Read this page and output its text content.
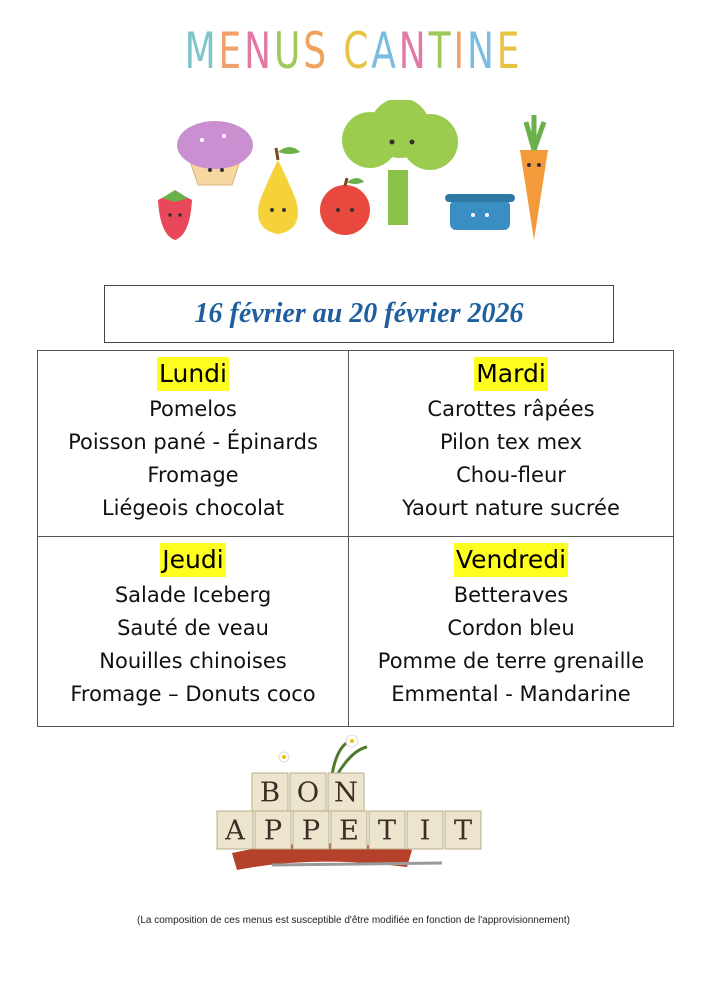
MENUS CANTINE
16 février au 20 février 2026
Lundi
Pomelos
Poisson pané - Épinards
Fromage
Liégeois chocolat
Mardi
Carottes râpées
Pilon tex mex
Chou-fleur
Yaourt nature sucrée
Jeudi
Salade Iceberg
Sauté de veau
Nouilles chinoises
Fromage – Donuts coco
Vendredi
Betteraves
Cordon bleu
Pomme de terre grenaille
Emmental - Mandarine
B O N
A P P E T I T
(La composition de ces menus est susceptible d'être modifiée en fonction de l'approvisionnement)
